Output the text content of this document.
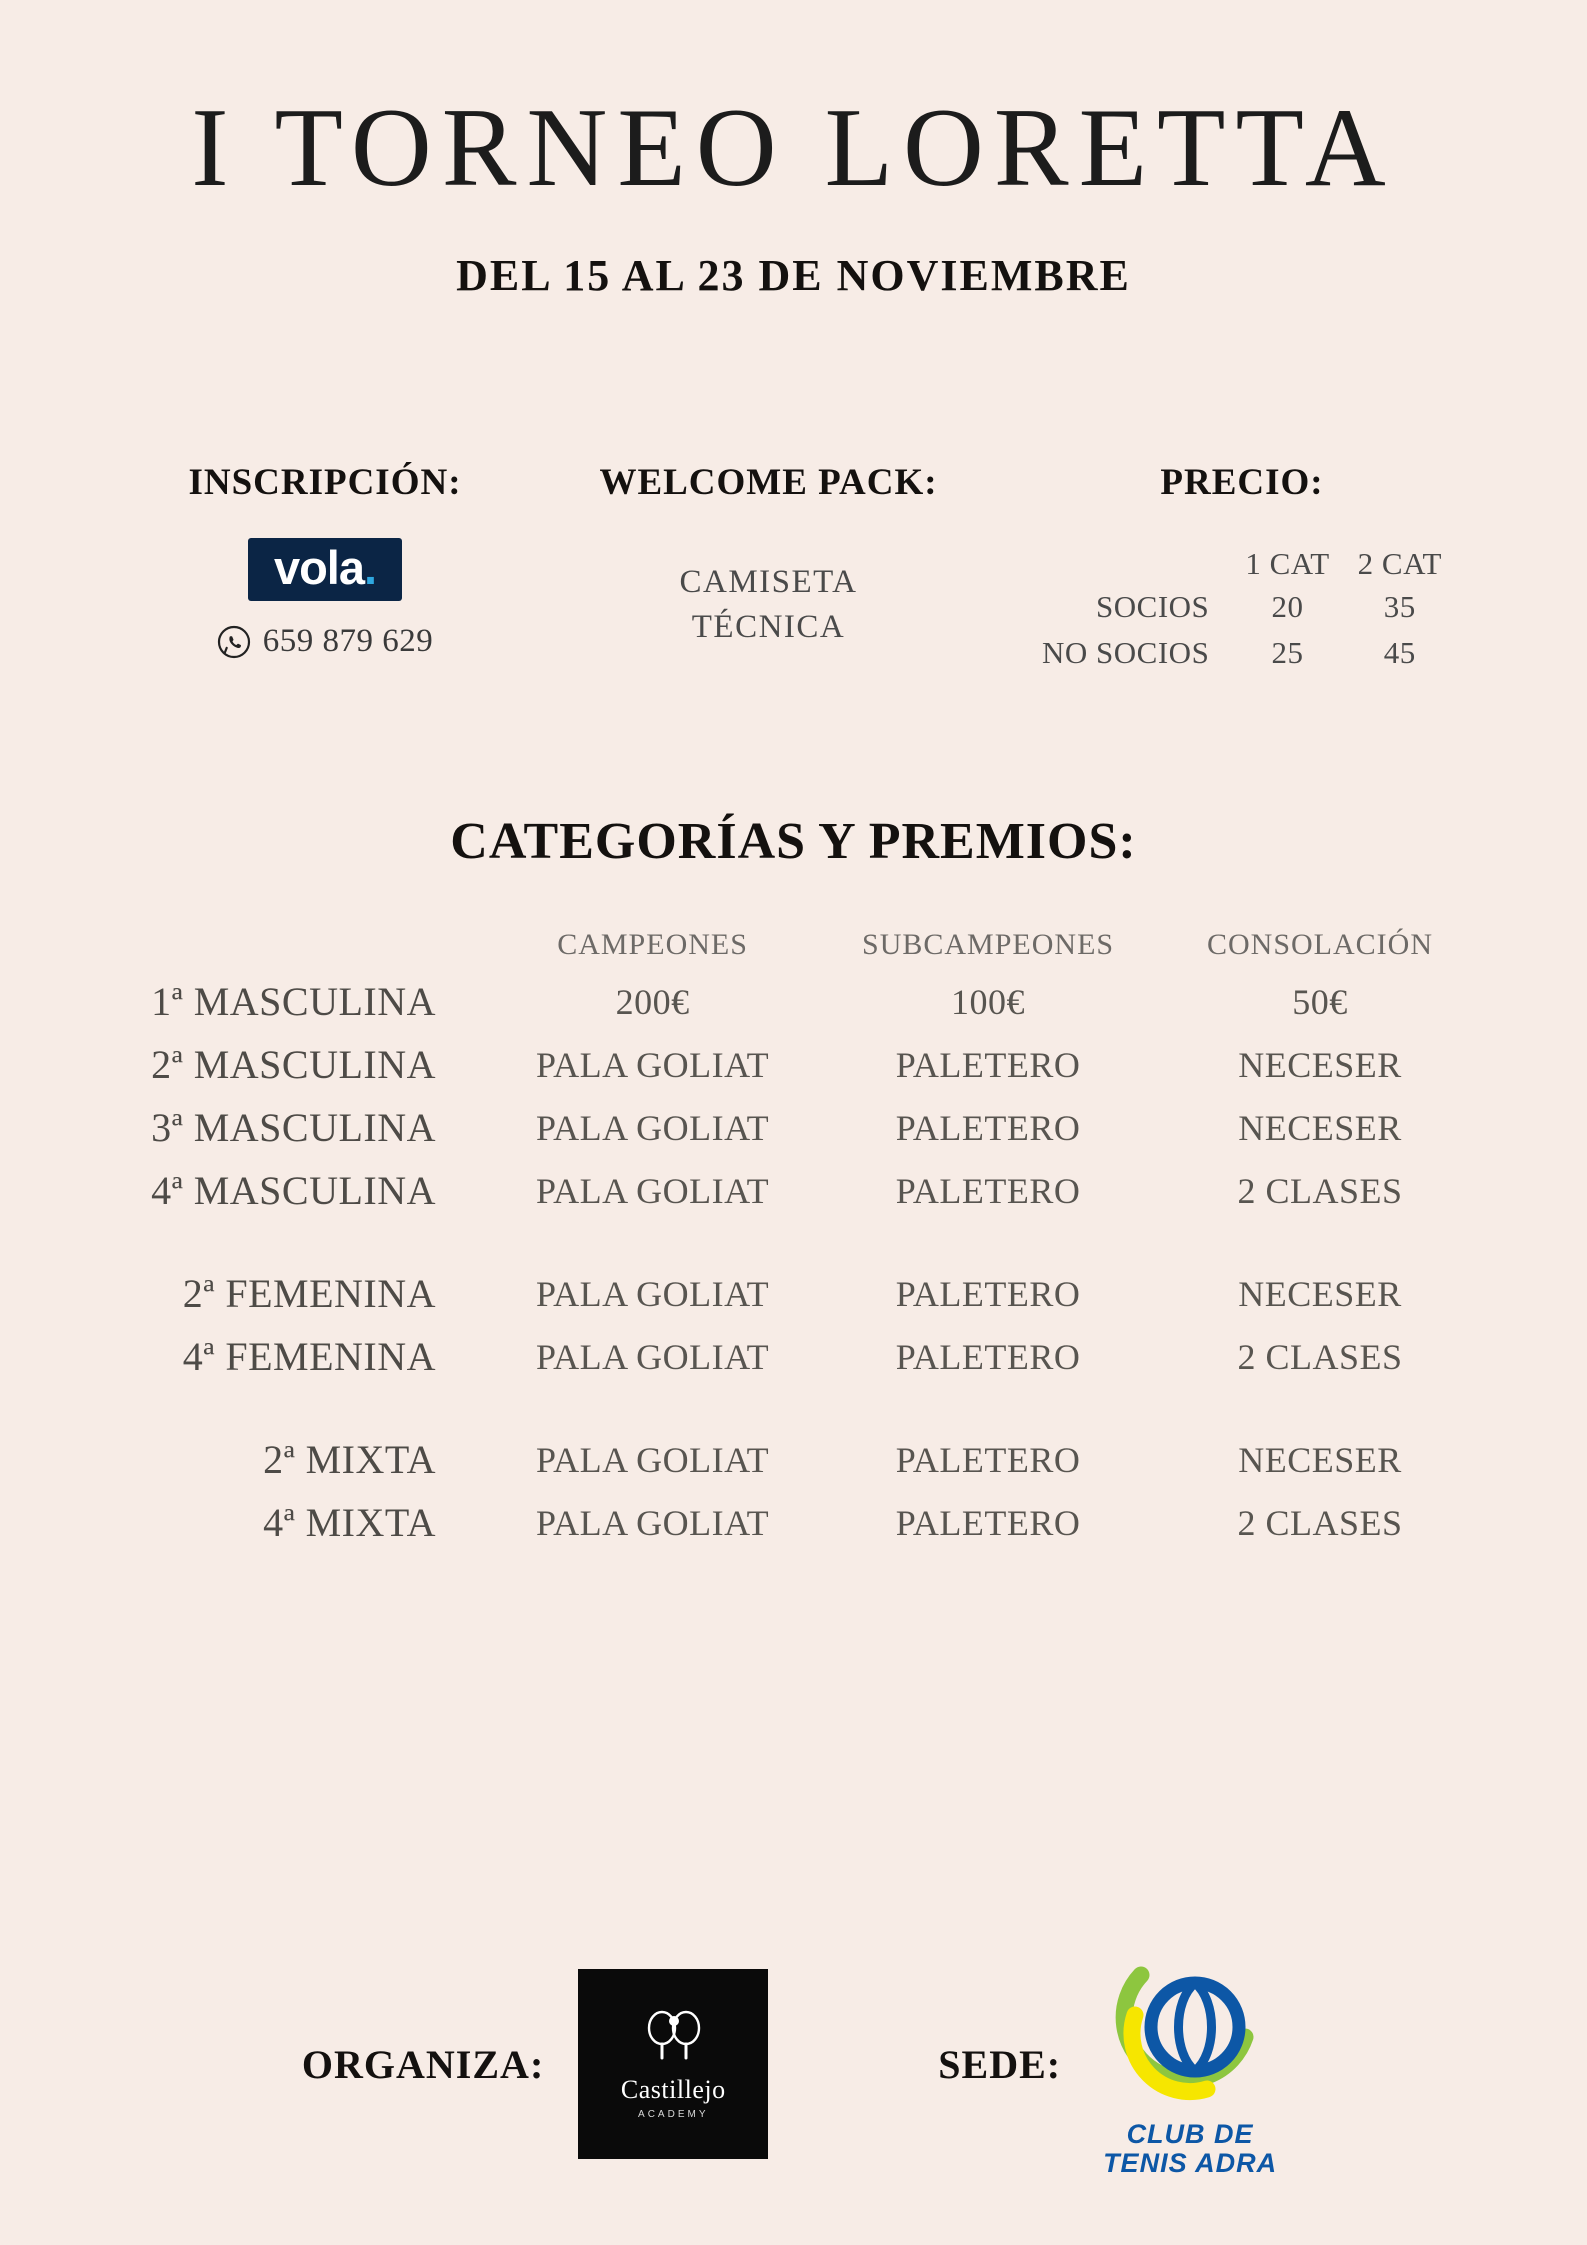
I TORNEO LORETTA
DEL 15 AL 23 DE NOVIEMBRE
INSCRIPCIÓN:
vola.
659 879 629
WELCOME PACK:
CAMISETA
TÉCNICA
PRECIO:
	1 CAT	2 CAT
SOCIOS	20	35
NO SOCIOS	25	45
CATEGORÍAS Y PREMIOS:
	CAMPEONES	SUBCAMPEONES	CONSOLACIÓN
1ª MASCULINA	200€	100€	50€
2ª MASCULINA	PALA GOLIAT	PALETERO	NECESER
3ª MASCULINA	PALA GOLIAT	PALETERO	NECESER
4ª MASCULINA	PALA GOLIAT	PALETERO	2 CLASES

2ª FEMENINA	PALA GOLIAT	PALETERO	NECESER
4ª FEMENINA	PALA GOLIAT	PALETERO	2 CLASES

2ª MIXTA	PALA GOLIAT	PALETERO	NECESER
4ª MIXTA	PALA GOLIAT	PALETERO	2 CLASES
ORGANIZA:
Castillejo
ACADEMY
SEDE:
CLUB DE
TENIS ADRA
